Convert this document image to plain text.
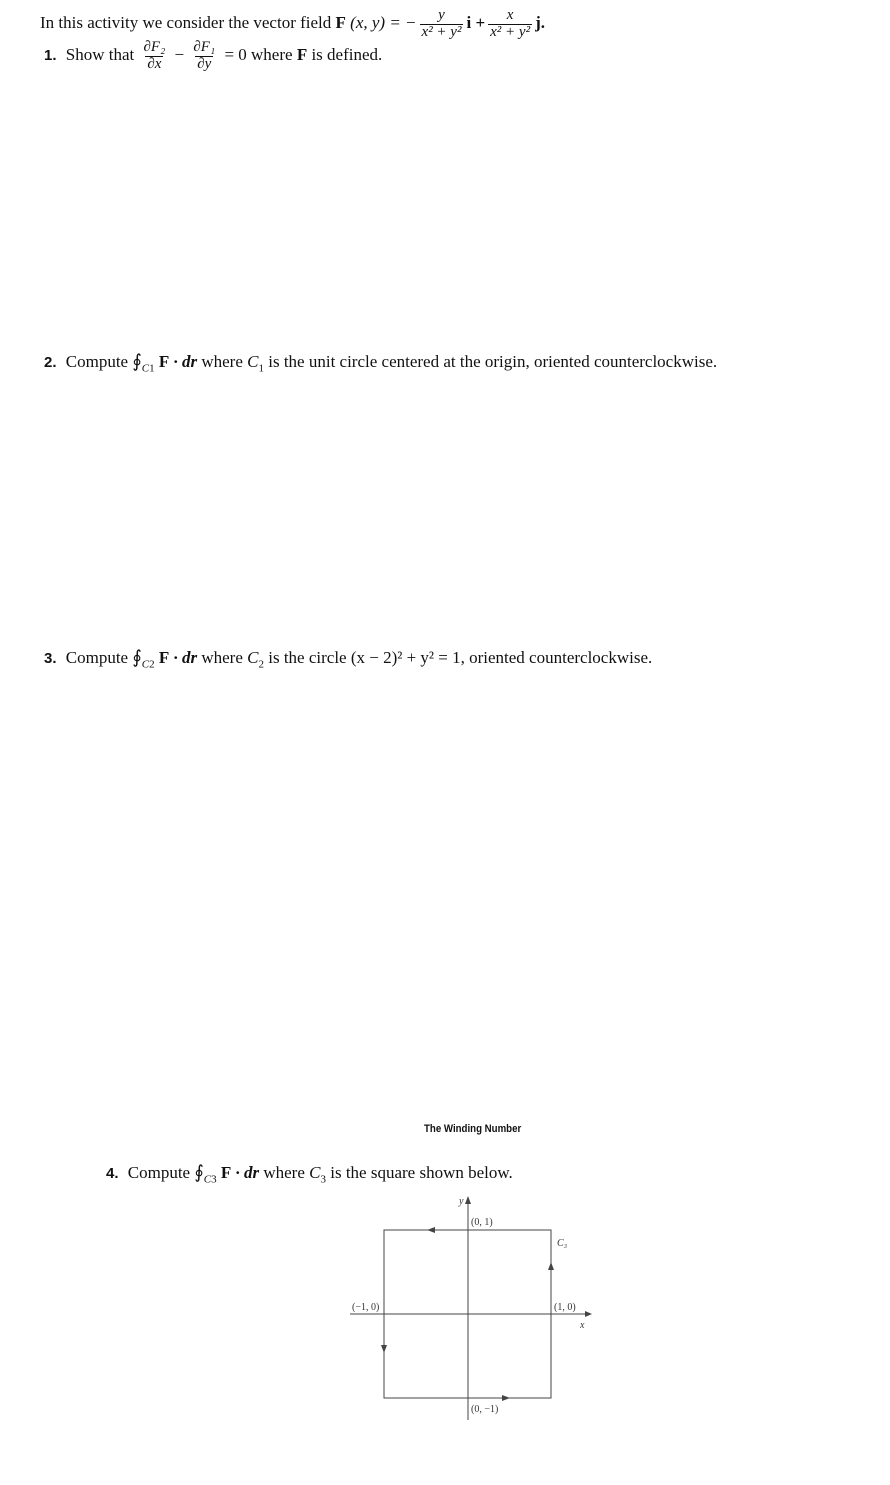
In this activity we consider the vector field F (x, y) = − $\frac{y}{\text{x² + y²}}$ $i + \frac{x}{\text{x² + y²}} j$.
1. Show that $\frac{\text{∂F₂}}{\partial x} - \frac{\text{∂F₁}}{\partial y} = 0$ where F is defined.
2. Compute $∮_{C1}$ F · dr where $C_1$ is the unit circle centered at the origin, oriented counterclockwise.
3. Compute $∮_{C2}$ F · dr where $C_2$ is the circle (x − 2)² + y² = 1, oriented counterclockwise.
The Winding Number
4. Compute $∮_{C3}$ F · dr where $C_3$ is the square shown below.
y
x
(0, 1)
(0, −1)
(−1, 0)	(1, 0)
C₃
